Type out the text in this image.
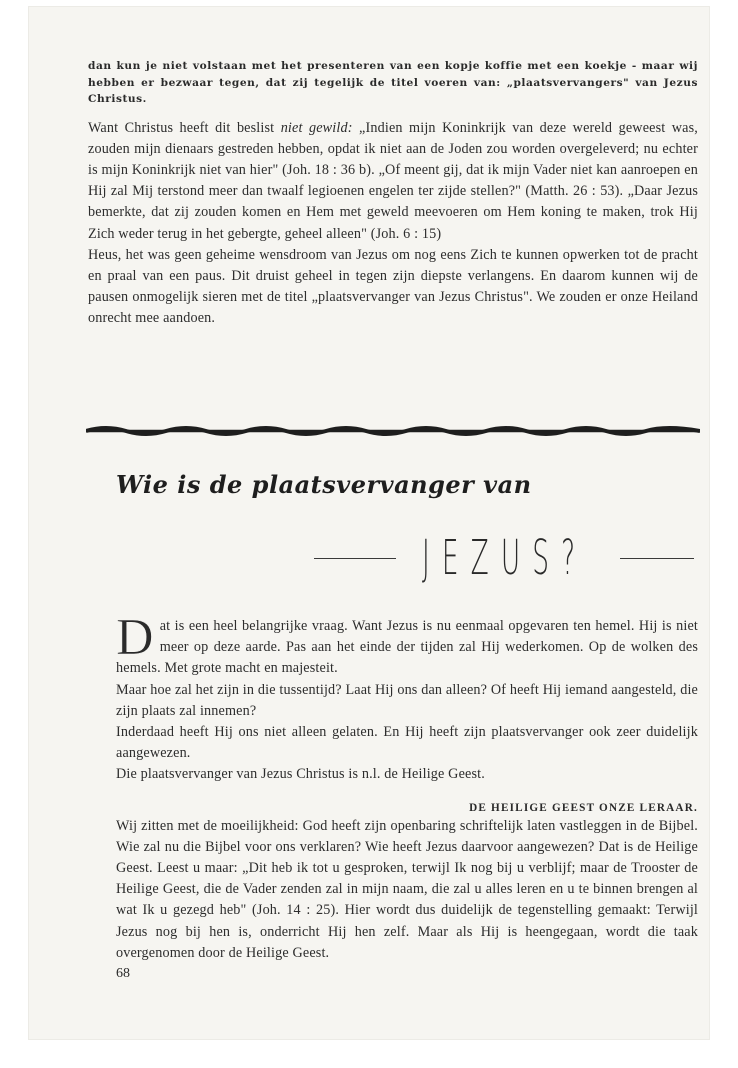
dan kun je niet volstaan met het presenteren van een kopje koffie met een koekje - maar wij hebben er bezwaar tegen, dat zij tegelijk de titel voeren van: „plaatsvervangers" van Jezus Christus.

Want Christus heeft dit beslist niet gewild: „Indien mijn Koninkrijk van deze wereld geweest was, zouden mijn dienaars gestreden hebben, opdat ik niet aan de Joden zou worden overgeleverd; nu echter is mijn Koninkrijk niet van hier" (Joh. 18 : 36 b). „Of meent gij, dat ik mijn Vader niet kan aanroepen en Hij zal Mij terstond meer dan twaalf legioenen engelen ter zijde stellen?" (Matth. 26 : 53). „Daar Jezus bemerkte, dat zij zouden komen en Hem met geweld meevoeren om Hem koning te maken, trok Hij Zich weder terug in het gebergte, geheel alleen" (Joh. 6 : 15)

Heus, het was geen geheime wensdroom van Jezus om nog eens Zich te kunnen opwerken tot de pracht en praal van een paus. Dit druist geheel in tegen zijn diepste verlangens. En daarom kunnen wij de pausen onmogelijk sieren met de titel „plaatsvervanger van Jezus Christus". We zouden er onze Heiland onrecht mee aandoen.

Wie is de plaatsvervanger van
JEZUS?

Dat is een heel belangrijke vraag. Want Jezus is nu eenmaal opgevaren ten hemel. Hij is niet meer op deze aarde. Pas aan het einde der tijden zal Hij wederkomen. Op de wolken des hemels. Met grote macht en majesteit.

Maar hoe zal het zijn in die tussentijd? Laat Hij ons dan alleen? Of heeft Hij iemand aangesteld, die zijn plaats zal innemen?

Inderdaad heeft Hij ons niet alleen gelaten. En Hij heeft zijn plaatsvervanger ook zeer duidelijk aangewezen.

Die plaatsvervanger van Jezus Christus is n.l. de Heilige Geest.

DE HEILIGE GEEST ONZE LERAAR.

Wij zitten met de moeilijkheid: God heeft zijn openbaring schriftelijk laten vastleggen in de Bijbel. Wie zal nu die Bijbel voor ons verklaren? Wie heeft Jezus daarvoor aangewezen? Dat is de Heilige Geest. Leest u maar: „Dit heb ik tot u gesproken, terwijl Ik nog bij u verblijf; maar de Trooster de Heilige Geest, die de Vader zenden zal in mijn naam, die zal u alles leren en u te binnen brengen al wat Ik u gezegd heb" (Joh. 14 : 25). Hier wordt dus duidelijk de tegenstelling gemaakt: Terwijl Jezus nog bij hen is, onderricht Hij hen zelf. Maar als Hij is heengegaan, wordt die taak overgenomen door de Heilige Geest.

68
